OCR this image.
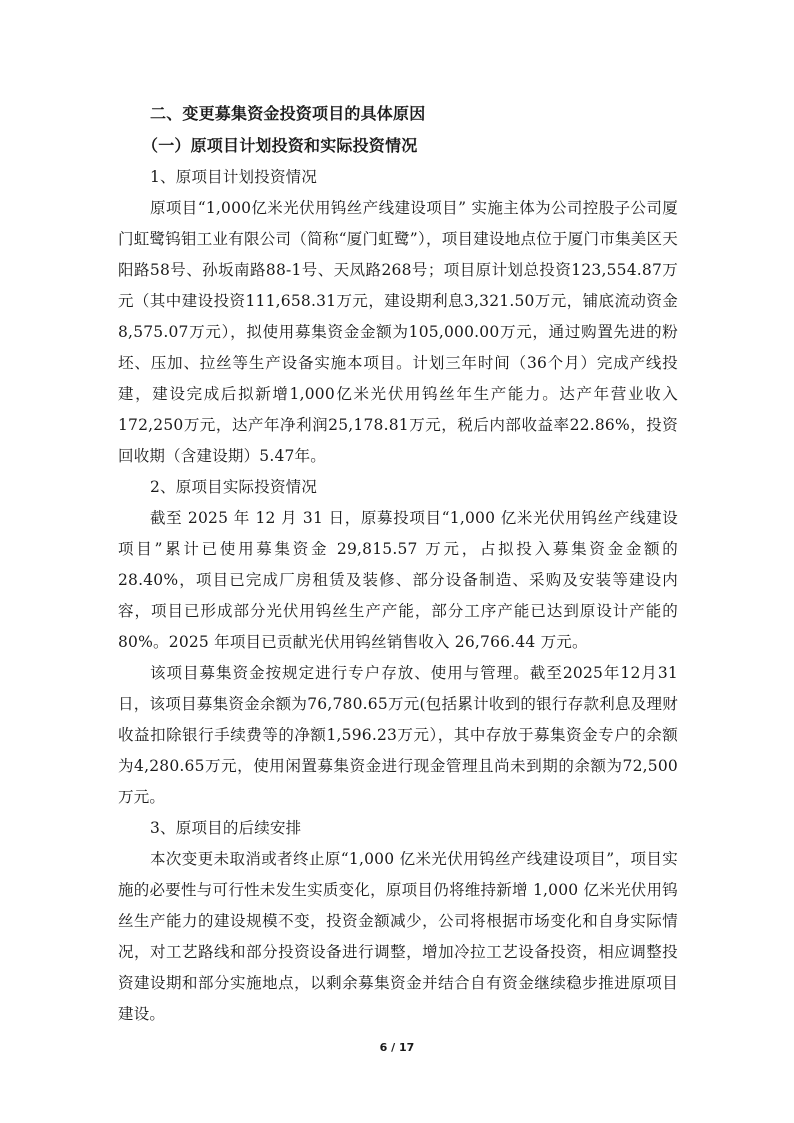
二、变更募集资金投资项目的具体原因

（一）原项目计划投资和实际投资情况

1、原项目计划投资情况

原项目“1,000亿米光伏用钨丝产线建设项目” 实施主体为公司控股子公司厦门虹鹭钨钼工业有限公司（简称“厦门虹鹭”），项目建设地点位于厦门市集美区天阳路58号、孙坂南路88-1号、天凤路268号；项目原计划总投资123,554.87万元（其中建设投资111,658.31万元，建设期利息3,321.50万元，铺底流动资金8,575.07万元），拟使用募集资金金额为105,000.00万元，通过购置先进的粉坯、压加、拉丝等生产设备实施本项目。计划三年时间（36个月）完成产线投建，建设完成后拟新增1,000亿米光伏用钨丝年生产能力。达产年营业收入172,250万元，达产年净利润25,178.81万元，税后内部收益率22.86%，投资回收期（含建设期）5.47年。

2、原项目实际投资情况

截至 2025 年 12 月 31 日，原募投项目“1,000 亿米光伏用钨丝产线建设项目”累计已使用募集资金 29,815.57 万元，占拟投入募集资金金额的 28.40%，项目已完成厂房租赁及装修、部分设备制造、采购及安装等建设内容，项目已形成部分光伏用钨丝生产产能，部分工序产能已达到原设计产能的 80%。2025 年项目已贡献光伏用钨丝销售收入 26,766.44 万元。

该项目募集资金按规定进行专户存放、使用与管理。截至2025年12月31日，该项目募集资金余额为76,780.65万元(包括累计收到的银行存款利息及理财收益扣除银行手续费等的净额1,596.23万元），其中存放于募集资金专户的余额为4,280.65万元，使用闲置募集资金进行现金管理且尚未到期的余额为72,500万元。

3、原项目的后续安排

本次变更未取消或者终止原“1,000 亿米光伏用钨丝产线建设项目”，项目实施的必要性与可行性未发生实质变化，原项目仍将维持新增 1,000 亿米光伏用钨丝生产能力的建设规模不变，投资金额减少，公司将根据市场变化和自身实际情况，对工艺路线和部分投资设备进行调整，增加冷拉工艺设备投资，相应调整投资建设期和部分实施地点，以剩余募集资金并结合自有资金继续稳步推进原项目建设。

6 / 17
